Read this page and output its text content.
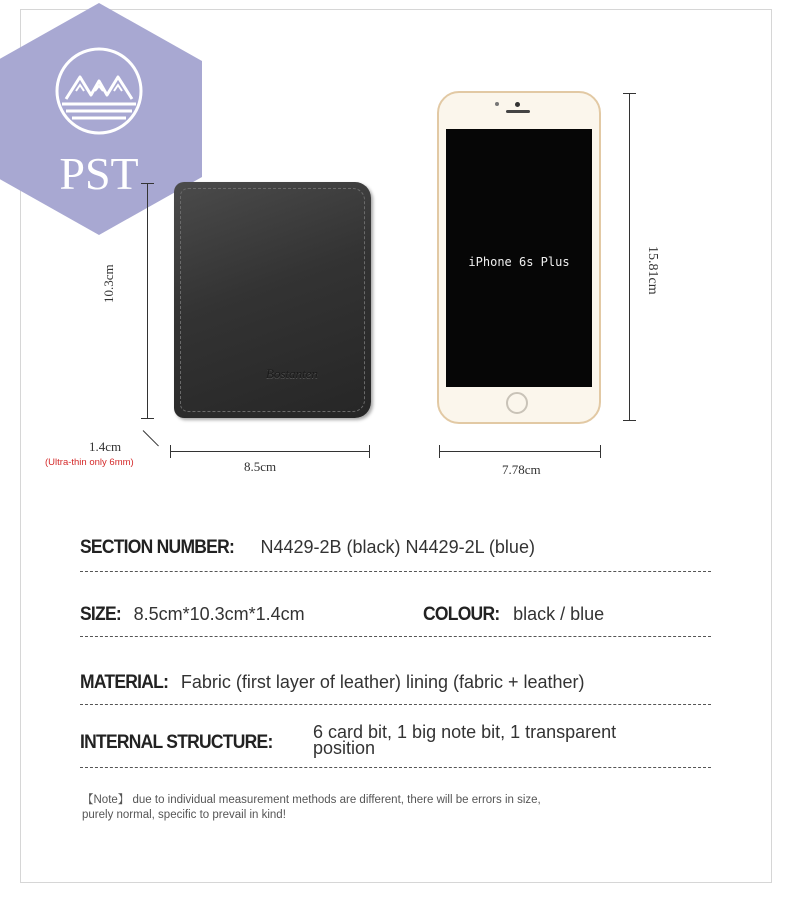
PST
10.3cm
Bostanten
1.4cm
(Ultra-thin only 6mm)	8.5cm
iPhone 6s Plus	15.81cm
7.78cm
SECTION NUMBER: N4429-2B (black) N4429-2L (blue)
SIZE: 8.5cm*10.3cm*1.4cm	COLOUR: black / blue
MATERIAL: Fabric (first layer of leather) lining (fabric + leather)
INTERNAL STRUCTURE:	6 card bit, 1 big note bit, 1 transparent
position
【Note】 due to individual measurement methods are different, there will be errors in size,
purely normal, specific to prevail in kind!
